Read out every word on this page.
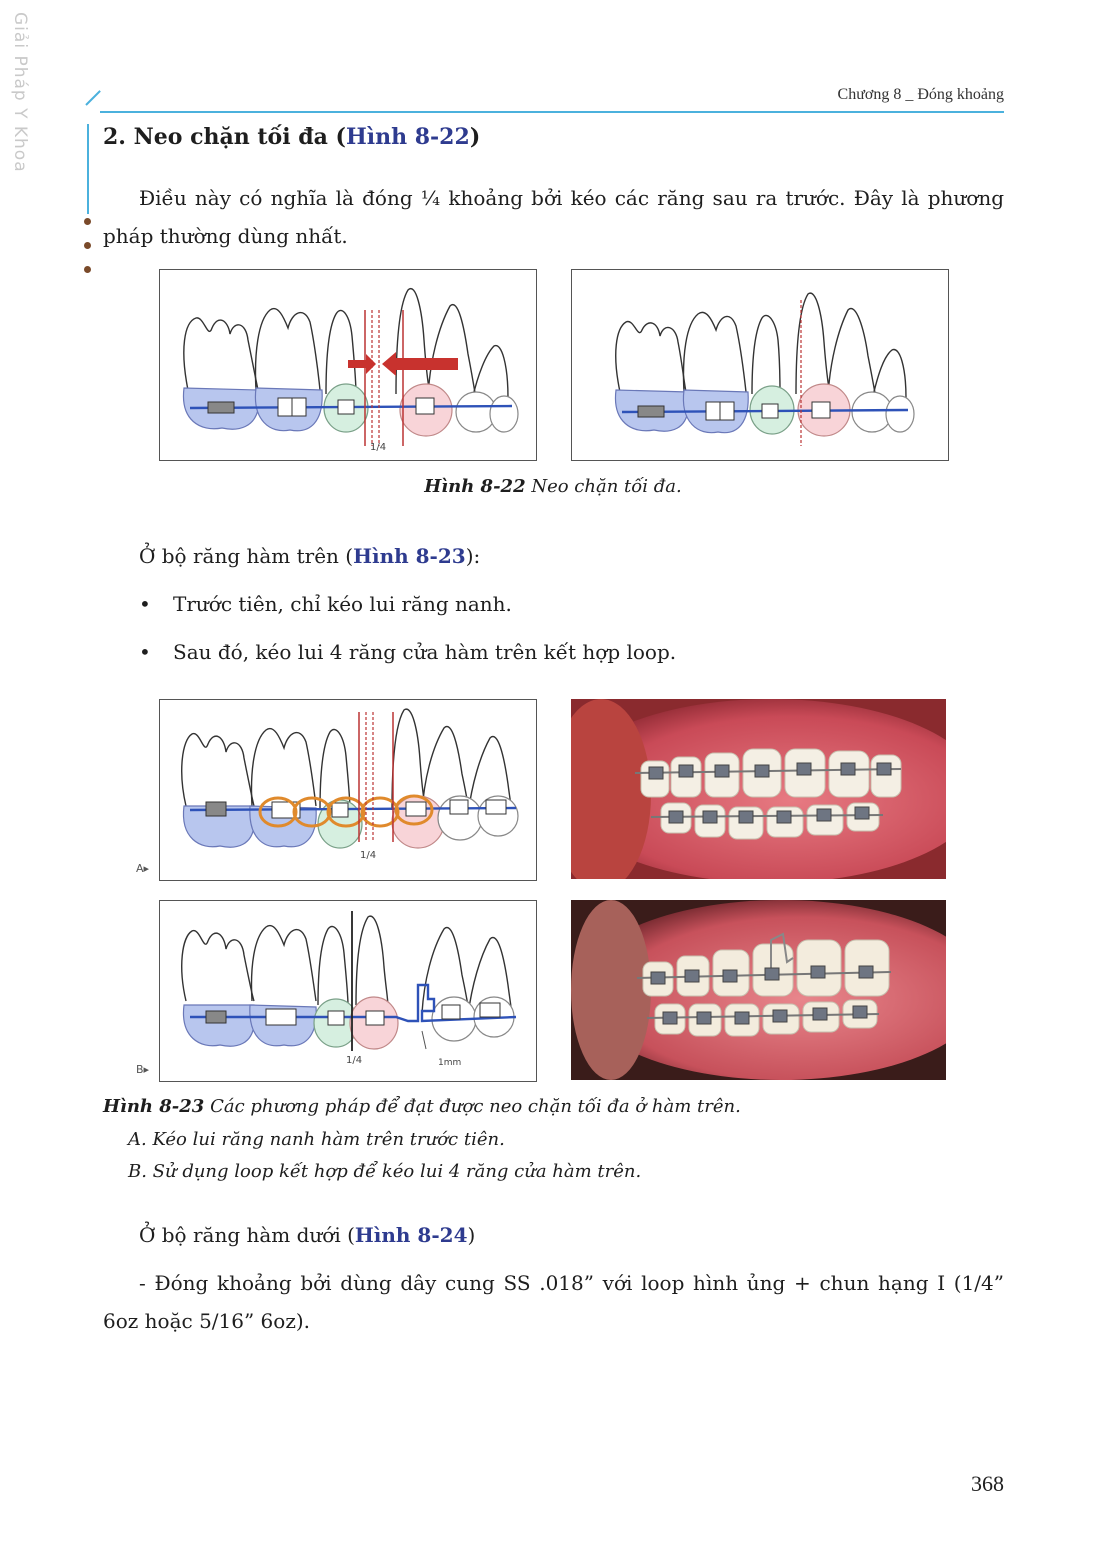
Giải Pháp Y Khoa	Chương 8 _ Đóng khoảng
2. Neo chặn tối đa (Hình 8-22)
Điều này có nghĩa là đóng ¼ khoảng bởi kéo các răng sau ra trước. Đây là phương pháp thường dùng nhất.
1/4
Hình 8-22 Neo chặn tối đa.
Ở bộ răng hàm trên (Hình 8-23):
• Trước tiên, chỉ kéo lui răng nanh.
• Sau đó, kéo lui 4 răng cửa hàm trên kết hợp loop.
1/4
A▸
1/4	1mm
B▸
Hình 8-23 Các phương pháp để đạt được neo chặn tối đa ở hàm trên.
A. Kéo lui răng nanh hàm trên trước tiên.
B. Sử dụng loop kết hợp để kéo lui 4 răng cửa hàm trên.
Ở bộ răng hàm dưới (Hình 8-24)
- Đóng khoảng bởi dùng dây cung SS .018” với loop hình ủng + chun hạng I (1/4” 6oz hoặc 5/16” 6oz).
368
